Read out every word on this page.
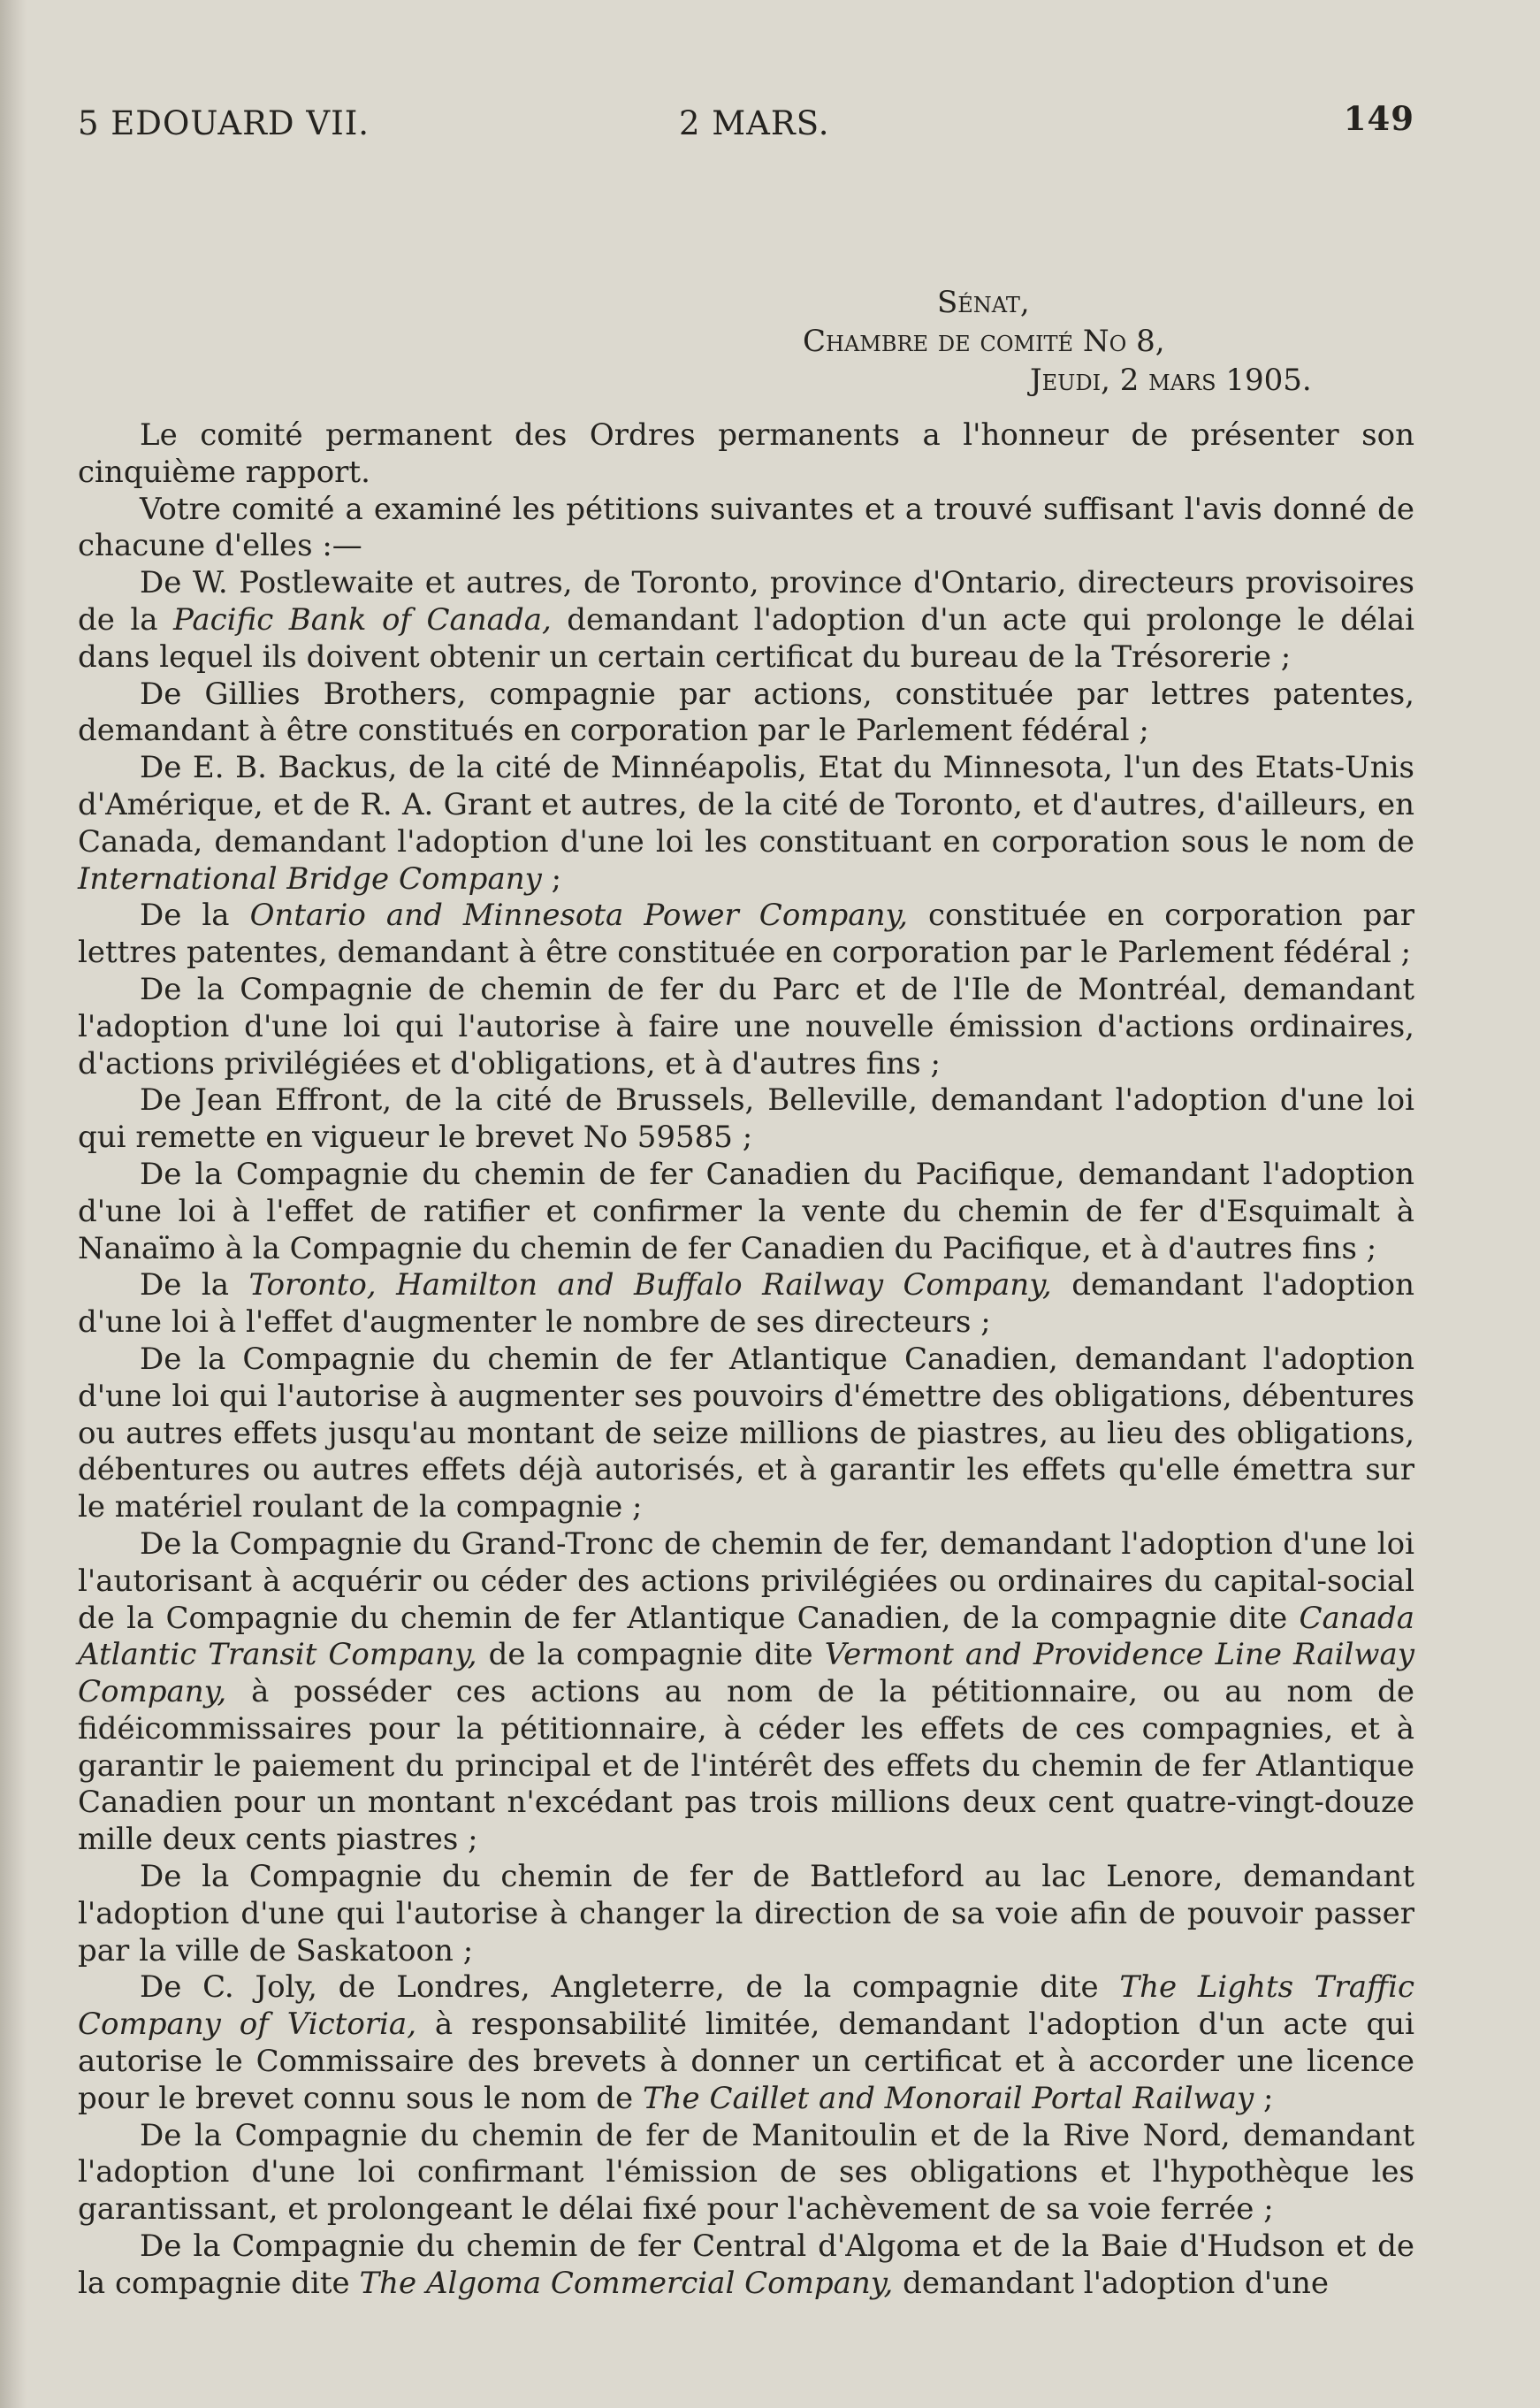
5 EDOUARD VII.	2 MARS.	149
Sénat,
Chambre de comité No 8,
Jeudi, 2 mars 1905.

Le comité permanent des Ordres permanents a l'honneur de présenter son cinquième rapport.

Votre comité a examiné les pétitions suivantes et a trouvé suffisant l'avis donné de chacune d'elles :—

De W. Postlewaite et autres, de Toronto, province d'Ontario, directeurs provisoires de la Pacific Bank of Canada, demandant l'adoption d'un acte qui prolonge le délai dans lequel ils doivent obtenir un certain certificat du bureau de la Trésorerie ;

De Gillies Brothers, compagnie par actions, constituée par lettres patentes, demandant à être constitués en corporation par le Parlement fédéral ;

De E. B. Backus, de la cité de Minnéapolis, Etat du Minnesota, l'un des Etats-Unis d'Amérique, et de R. A. Grant et autres, de la cité de Toronto, et d'autres, d'ailleurs, en Canada, demandant l'adoption d'une loi les constituant en corporation sous le nom de International Bridge Company ;

De la Ontario and Minnesota Power Company, constituée en corporation par lettres patentes, demandant à être constituée en corporation par le Parlement fédéral ;

De la Compagnie de chemin de fer du Parc et de l'Ile de Montréal, demandant l'adoption d'une loi qui l'autorise à faire une nouvelle émission d'actions ordinaires, d'actions privilégiées et d'obligations, et à d'autres fins ;

De Jean Effront, de la cité de Brussels, Belleville, demandant l'adoption d'une loi qui remette en vigueur le brevet No 59585 ;

De la Compagnie du chemin de fer Canadien du Pacifique, demandant l'adoption d'une loi à l'effet de ratifier et confirmer la vente du chemin de fer d'Esquimalt à Nanaïmo à la Compagnie du chemin de fer Canadien du Pacifique, et à d'autres fins ;

De la Toronto, Hamilton and Buffalo Railway Company, demandant l'adoption d'une loi à l'effet d'augmenter le nombre de ses directeurs ;

De la Compagnie du chemin de fer Atlantique Canadien, demandant l'adoption d'une loi qui l'autorise à augmenter ses pouvoirs d'émettre des obligations, débentures ou autres effets jusqu'au montant de seize millions de piastres, au lieu des obligations, débentures ou autres effets déjà autorisés, et à garantir les effets qu'elle émettra sur le matériel roulant de la compagnie ;

De la Compagnie du Grand-Tronc de chemin de fer, demandant l'adoption d'une loi l'autorisant à acquérir ou céder des actions privilégiées ou ordinaires du capital-social de la Compagnie du chemin de fer Atlantique Canadien, de la compagnie dite Canada Atlantic Transit Company, de la compagnie dite Vermont and Providence Line Railway Company, à posséder ces actions au nom de la pétitionnaire, ou au nom de fidéicommissaires pour la pétitionnaire, à céder les effets de ces compagnies, et à garantir le paiement du principal et de l'intérêt des effets du chemin de fer Atlantique Canadien pour un montant n'excédant pas trois millions deux cent quatre-vingt-douze mille deux cents piastres ;

De la Compagnie du chemin de fer de Battleford au lac Lenore, demandant l'adoption d'une qui l'autorise à changer la direction de sa voie afin de pouvoir passer par la ville de Saskatoon ;

De C. Joly, de Londres, Angleterre, de la compagnie dite The Lights Traffic Company of Victoria, à responsabilité limitée, demandant l'adoption d'un acte qui autorise le Commissaire des brevets à donner un certificat et à accorder une licence pour le brevet connu sous le nom de The Caillet and Monorail Portal Railway ;

De la Compagnie du chemin de fer de Manitoulin et de la Rive Nord, demandant l'adoption d'une loi confirmant l'émission de ses obligations et l'hypothèque les garantissant, et prolongeant le délai fixé pour l'achèvement de sa voie ferrée ;

De la Compagnie du chemin de fer Central d'Algoma et de la Baie d'Hudson et de la compagnie dite The Algoma Commercial Company, demandant l'adoption d'une
